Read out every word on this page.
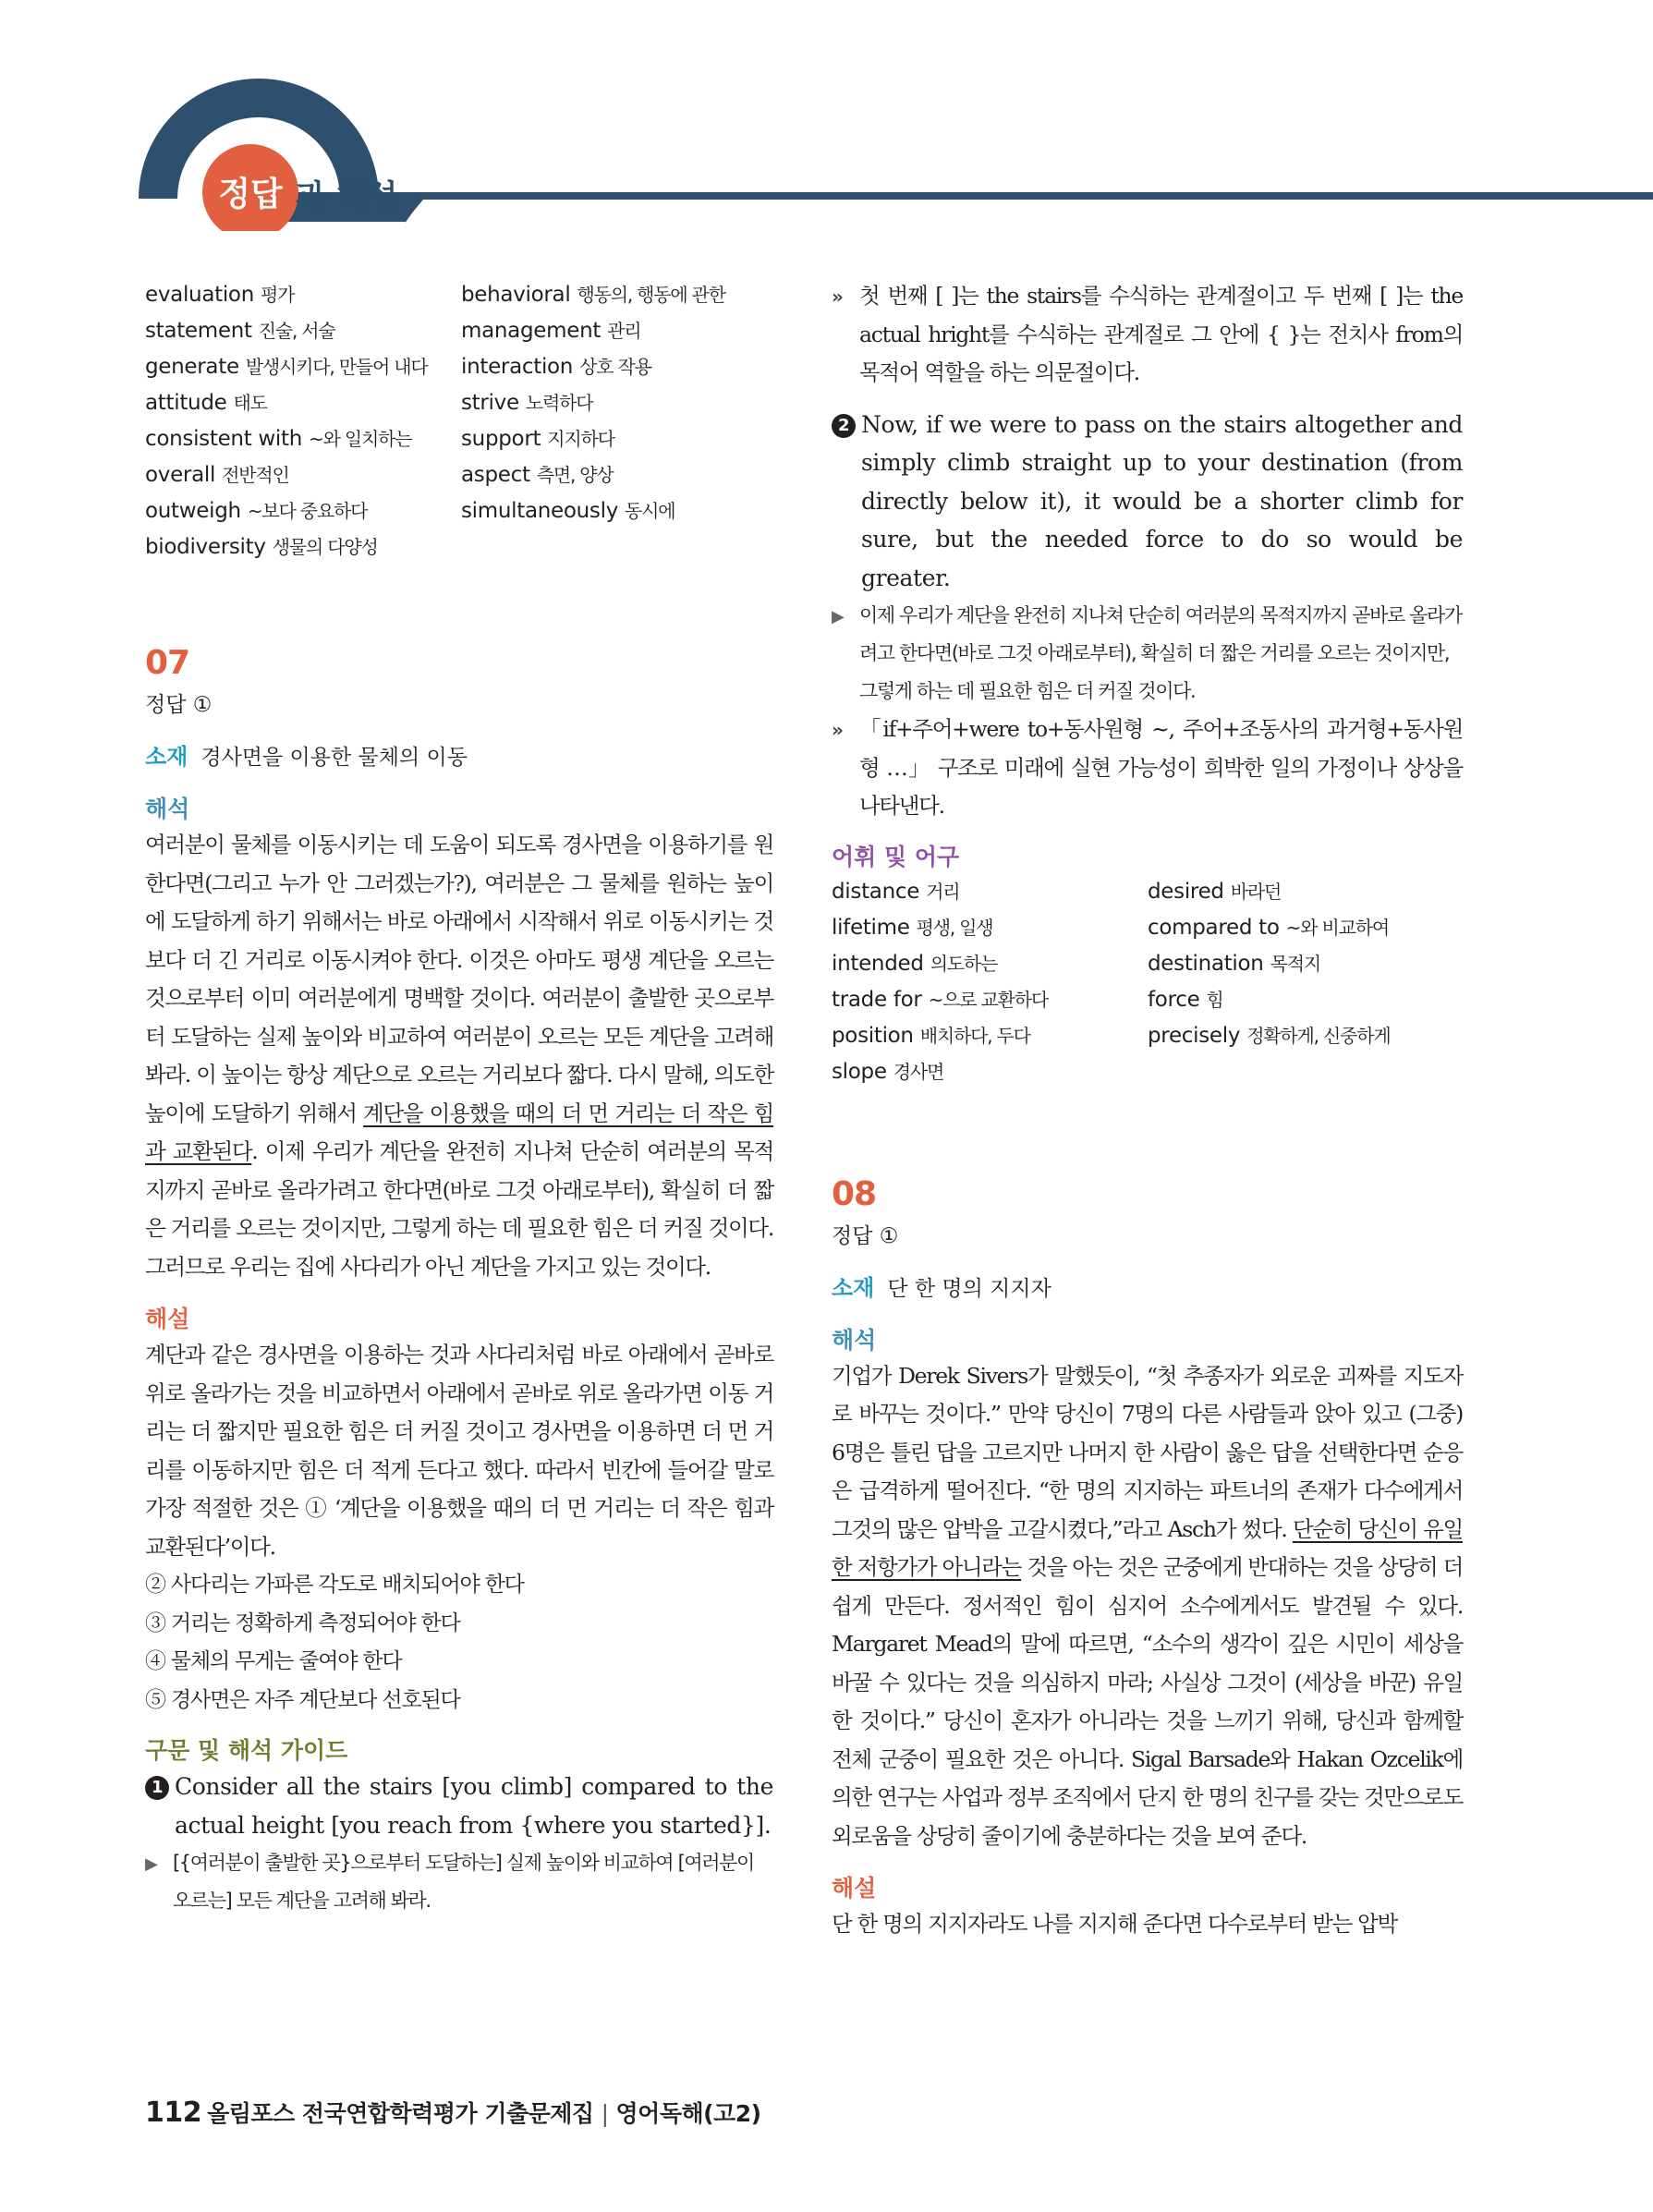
정답 과 해설
evaluation 평가	behavioral 행동의, 행동에 관한
statement 진술, 서술	management 관리
generate 발생시키다, 만들어 내다	interaction 상호 작용
attitude 태도	strive 노력하다
consistent with ~와 일치하는	support 지지하다
overall 전반적인	aspect 측면, 양상
outweigh ~보다 중요하다	simultaneously 동시에
biodiversity 생물의 다양성
07
정답 ①
소재 경사면을 이용한 물체의 이동
해석
여러분이 물체를 이동시키는 데 도움이 되도록 경사면을 이용하기를 원한다면(그리고 누가 안 그러겠는가?), 여러분은 그 물체를 원하는 높이에 도달하게 하기 위해서는 바로 아래에서 시작해서 위로 이동시키는 것보다 더 긴 거리로 이동시켜야 한다. 이것은 아마도 평생 계단을 오르는 것으로부터 이미 여러분에게 명백할 것이다. 여러분이 출발한 곳으로부터 도달하는 실제 높이와 비교하여 여러분이 오르는 모든 계단을 고려해 봐라. 이 높이는 항상 계단으로 오르는 거리보다 짧다. 다시 말해, 의도한 높이에 도달하기 위해서 계단을 이용했을 때의 더 먼 거리는 더 작은 힘과 교환된다. 이제 우리가 계단을 완전히 지나쳐 단순히 여러분의 목적지까지 곧바로 올라가려고 한다면(바로 그것 아래로부터), 확실히 더 짧은 거리를 오르는 것이지만, 그렇게 하는 데 필요한 힘은 더 커질 것이다. 그러므로 우리는 집에 사다리가 아닌 계단을 가지고 있는 것이다.
해설
계단과 같은 경사면을 이용하는 것과 사다리처럼 바로 아래에서 곧바로 위로 올라가는 것을 비교하면서 아래에서 곧바로 위로 올라가면 이동 거리는 더 짧지만 필요한 힘은 더 커질 것이고 경사면을 이용하면 더 먼 거리를 이동하지만 힘은 더 적게 든다고 했다. 따라서 빈칸에 들어갈 말로 가장 적절한 것은 ① ‘계단을 이용했을 때의 더 먼 거리는 더 작은 힘과 교환된다’이다.
② 사다리는 가파른 각도로 배치되어야 한다
③ 거리는 정확하게 측정되어야 한다
④ 물체의 무게는 줄여야 한다
⑤ 경사면은 자주 계단보다 선호된다
구문 및 해석 가이드
1 Consider all the stairs [you climb] compared to the actual height [you reach from {where you started}].
▶ [{여러분이 출발한 곳}으로부터 도달하는] 실제 높이와 비교하여 [여러분이 오르는] 모든 계단을 고려해 봐라.
» 첫 번째 [ ]는 the stairs를 수식하는 관계절이고 두 번째 [ ]는 the actual hright를 수식하는 관계절로 그 안에 { }는 전치사 from의 목적어 역할을 하는 의문절이다.
2 Now, if we were to pass on the stairs altogether and simply climb straight up to your destination (from directly below it), it would be a shorter climb for sure, but the needed force to do so would be greater.
▶ 이제 우리가 계단을 완전히 지나쳐 단순히 여러분의 목적지까지 곧바로 올라가려고 한다면(바로 그것 아래로부터), 확실히 더 짧은 거리를 오르는 것이지만, 그렇게 하는 데 필요한 힘은 더 커질 것이다.
» 「if+주어+were to+동사원형 ~, 주어+조동사의 과거형+동사원형 …」 구조로 미래에 실현 가능성이 희박한 일의 가정이나 상상을 나타낸다.
어휘 및 어구
distance 거리	desired 바라던
lifetime 평생, 일생	compared to ~와 비교하여
intended 의도하는	destination 목적지
trade for ~으로 교환하다	force 힘
position 배치하다, 두다	precisely 정확하게, 신중하게
slope 경사면
08
정답 ①
소재 단 한 명의 지지자
해석
기업가 Derek Sivers가 말했듯이, “첫 추종자가 외로운 괴짜를 지도자로 바꾸는 것이다.” 만약 당신이 7명의 다른 사람들과 앉아 있고 (그중) 6명은 틀린 답을 고르지만 나머지 한 사람이 옳은 답을 선택한다면 순응은 급격하게 떨어진다. “한 명의 지지하는 파트너의 존재가 다수에게서 그것의 많은 압박을 고갈시켰다,”라고 Asch가 썼다. 단순히 당신이 유일한 저항가가 아니라는 것을 아는 것은 군중에게 반대하는 것을 상당히 더 쉽게 만든다. 정서적인 힘이 심지어 소수에게서도 발견될 수 있다. Margaret Mead의 말에 따르면, “소수의 생각이 깊은 시민이 세상을 바꿀 수 있다는 것을 의심하지 마라; 사실상 그것이 (세상을 바꾼) 유일한 것이다.” 당신이 혼자가 아니라는 것을 느끼기 위해, 당신과 함께할 전체 군중이 필요한 것은 아니다. Sigal Barsade와 Hakan Ozcelik에 의한 연구는 사업과 정부 조직에서 단지 한 명의 친구를 갖는 것만으로도 외로움을 상당히 줄이기에 충분하다는 것을 보여 준다.
해설
단 한 명의 지지자라도 나를 지지해 준다면 다수로부터 받는 압박
112 올림포스 전국연합학력평가 기출문제집 | 영어독해(고2)
